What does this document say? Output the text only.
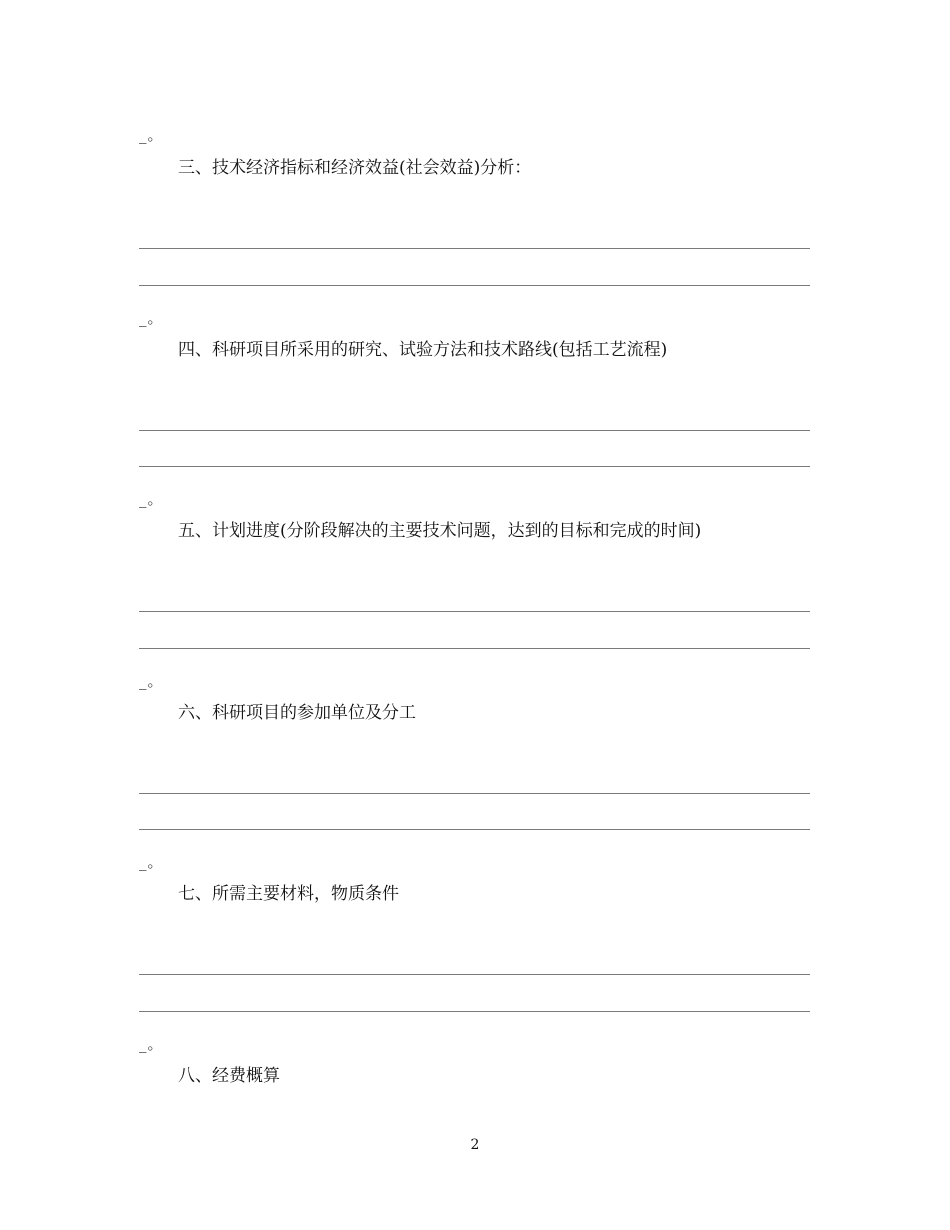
_。
三、技术经济指标和经济效益(社会效益)分析：
_。
四、科研项目所采用的研究、试验方法和技术路线(包括工艺流程)
_。
五、计划进度(分阶段解决的主要技术问题，达到的目标和完成的时间)
_。
六、科研项目的参加单位及分工
_。
七、所需主要材料，物质条件
_。
八、经费概算
2
